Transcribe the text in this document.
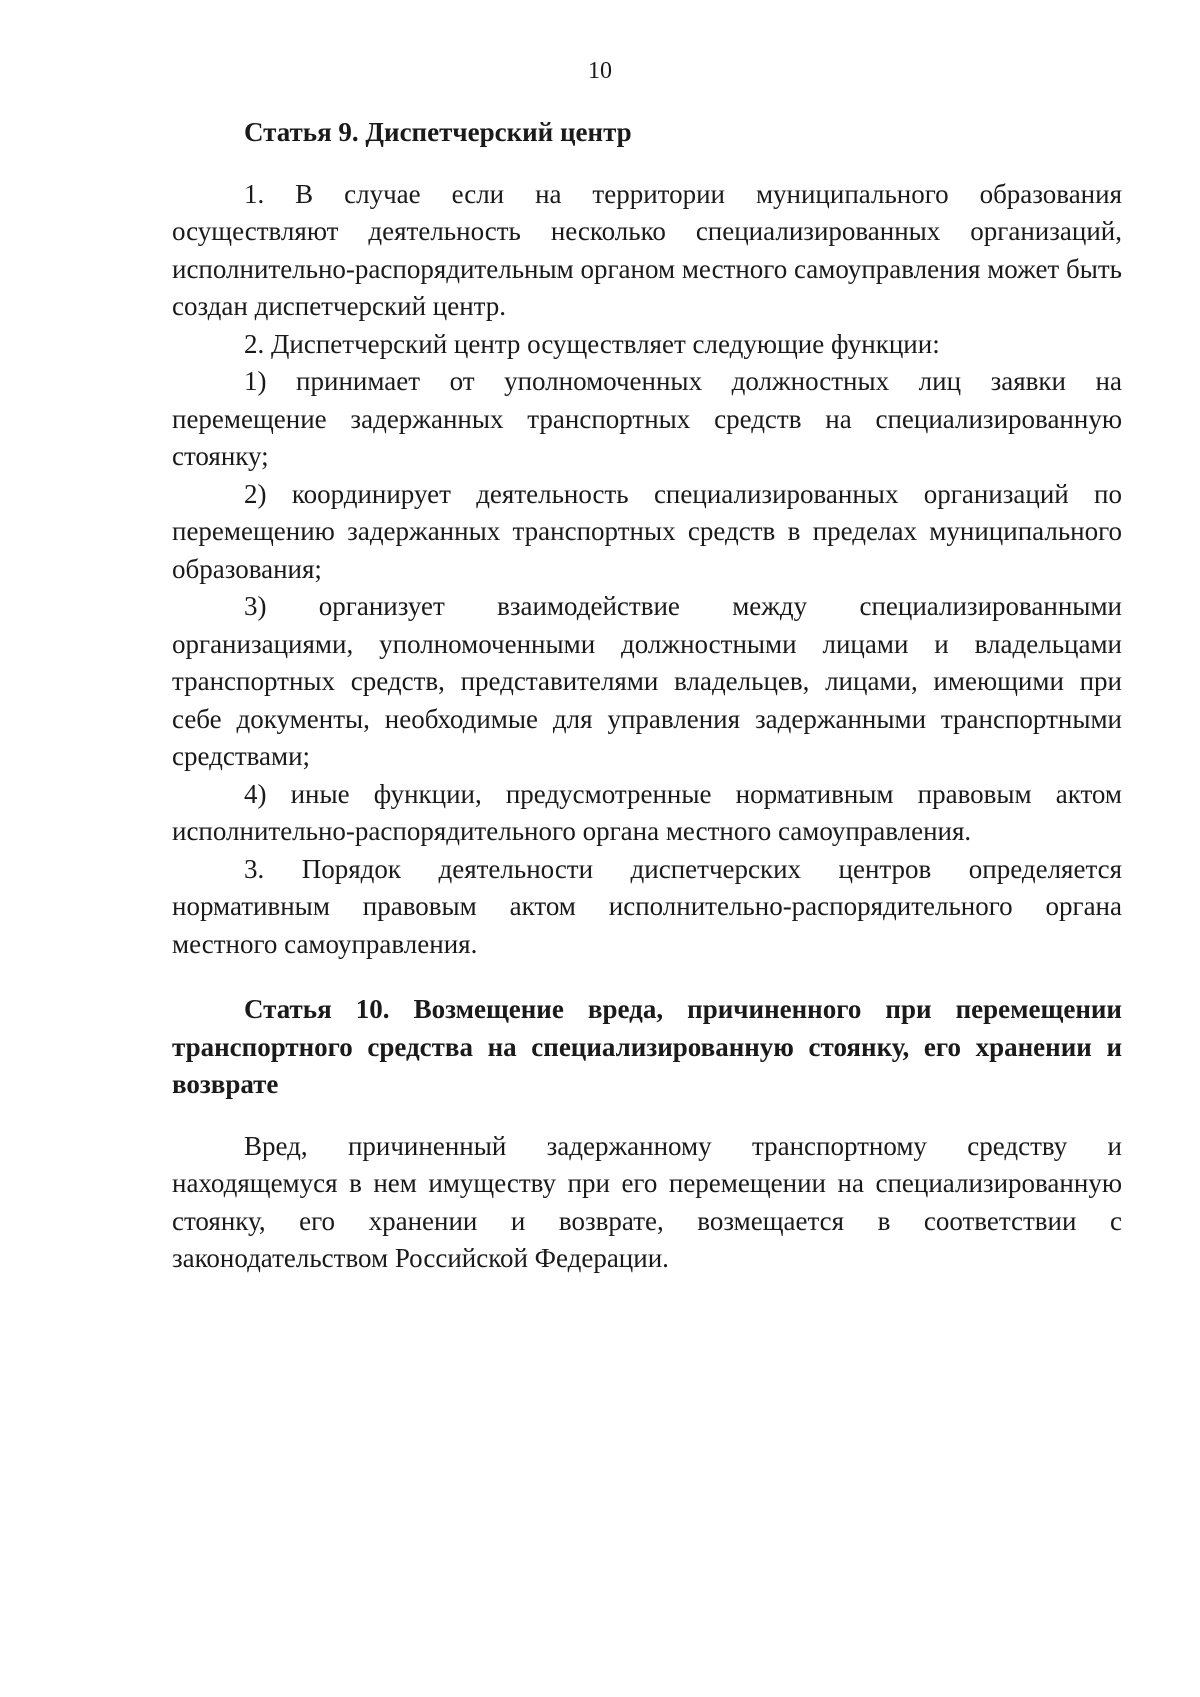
10
Статья 9. Диспетчерский центр

1. В случае если на территории муниципального образования осуществляют деятельность несколько специализированных организаций, исполнительно-распорядительным органом местного самоуправления может быть создан диспетчерский центр.

2. Диспетчерский центр осуществляет следующие функции:

1) принимает от уполномоченных должностных лиц заявки на перемещение задержанных транспортных средств на специализированную стоянку;

2) координирует деятельность специализированных организаций по перемещению задержанных транспортных средств в пределах муниципального образования;

3) организует взаимодействие между специализированными организациями, уполномоченными должностными лицами и владельцами транспортных средств, представителями владельцев, лицами, имеющими при себе документы, необходимые для управления задержанными транспортными средствами;

4) иные функции, предусмотренные нормативным правовым актом исполнительно-распорядительного органа местного самоуправления.

3. Порядок деятельности диспетчерских центров определяется нормативным правовым актом исполнительно-распорядительного органа местного самоуправления.

Статья 10. Возмещение вреда, причиненного при перемещении транспортного средства на специализированную стоянку, его хранении и возврате

Вред, причиненный задержанному транспортному средству и находящемуся в нем имуществу при его перемещении на специализированную стоянку, его хранении и возврате, возмещается в соответствии с законодательством Российской Федерации.
